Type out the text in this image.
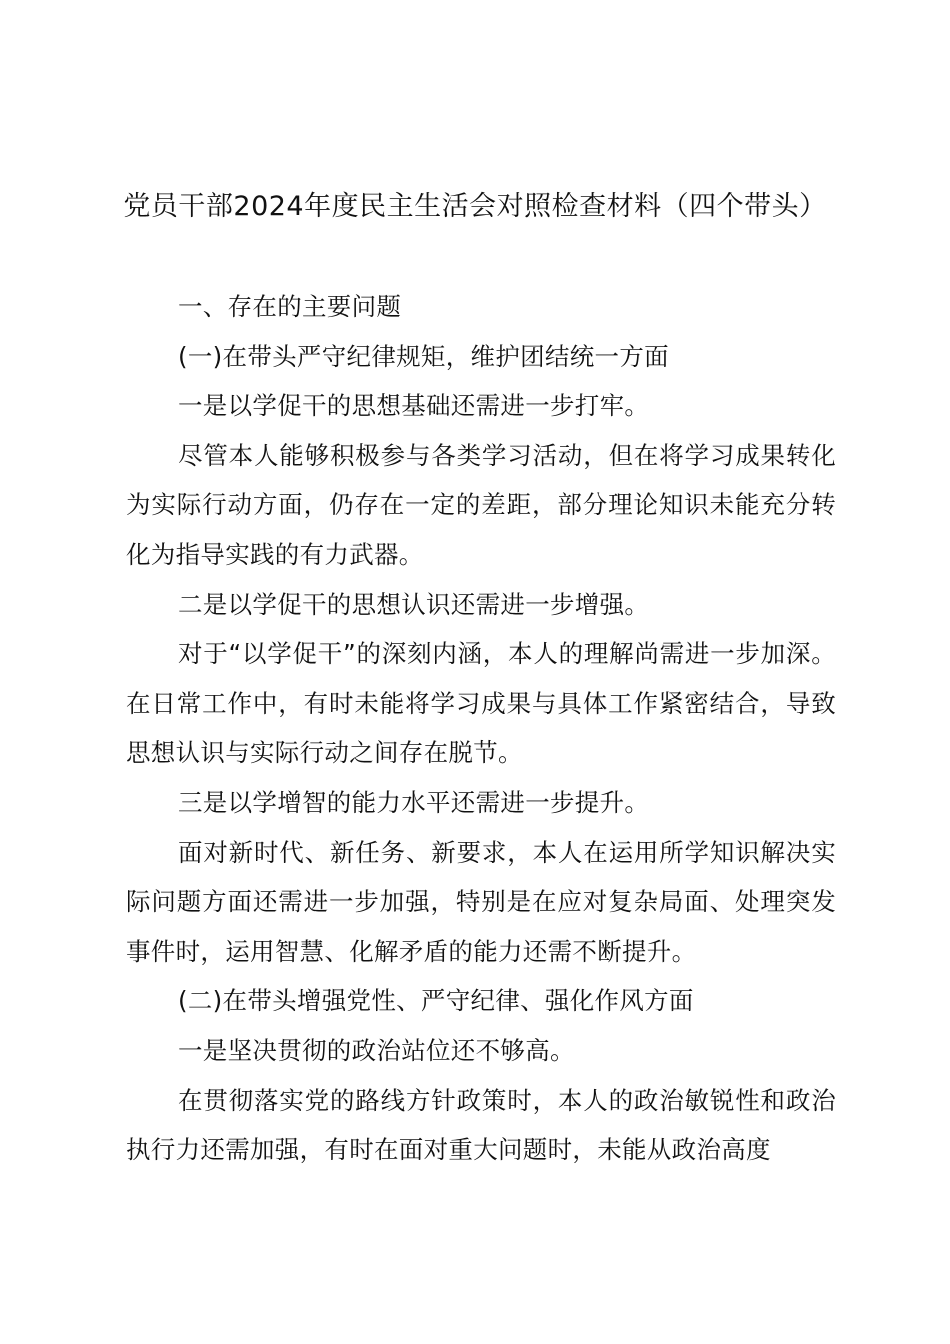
党员干部2024年度民主生活会对照检查材料（四个带头）

一、存在的主要问题

(一)在带头严守纪律规矩，维护团结统一方面

一是以学促干的思想基础还需进一步打牢。

尽管本人能够积极参与各类学习活动，但在将学习成果转化为实际行动方面，仍存在一定的差距，部分理论知识未能充分转化为指导实践的有力武器。

二是以学促干的思想认识还需进一步增强。

对于“以学促干”的深刻内涵，本人的理解尚需进一步加深。在日常工作中，有时未能将学习成果与具体工作紧密结合，导致思想认识与实际行动之间存在脱节。

三是以学增智的能力水平还需进一步提升。

面对新时代、新任务、新要求，本人在运用所学知识解决实际问题方面还需进一步加强，特别是在应对复杂局面、处理突发事件时，运用智慧、化解矛盾的能力还需不断提升。

(二)在带头增强党性、严守纪律、强化作风方面

一是坚决贯彻的政治站位还不够高。

在贯彻落实党的路线方针政策时，本人的政治敏锐性和政治执行力还需加强，有时在面对重大问题时，未能从政治高度
